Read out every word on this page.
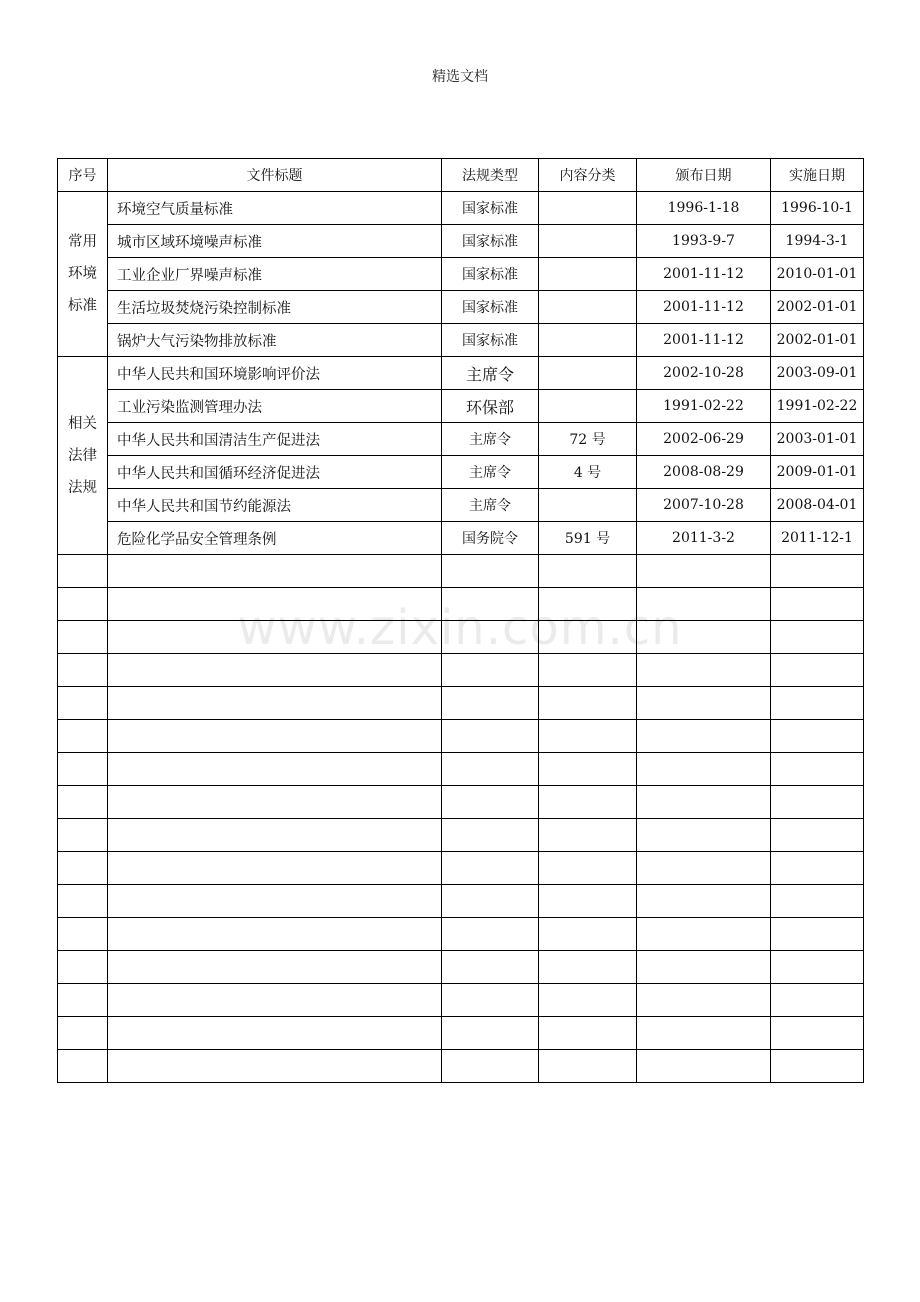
精选文档
序号	文件标题	法规类型	内容分类	颁布日期	实施日期

常用
环境
标准	环境空气质量标准	国家标准		1996-1-18	1996-10-1
	城市区域环境噪声标准	国家标准		1993-9-7	1994-3-1
	工业企业厂界噪声标准	国家标准		2001-11-12	2010-01-01
	生活垃圾焚烧污染控制标准	国家标准		2001-11-12	2002-01-01
	锅炉大气污染物排放标准	国家标准		2001-11-12	2002-01-01

相关
法律
法规	中华人民共和国环境影响评价法	主席令		2002-10-28	2003-09-01
	工业污染监测管理办法	环保部		1991-02-22	1991-02-22
	中华人民共和国清洁生产促进法	主席令	72 号	2002-06-29	2003-01-01
	中华人民共和国循环经济促进法	主席令	4 号	2008-08-29	2009-01-01
	中华人民共和国节约能源法	主席令		2007-10-28	2008-04-01
	危险化学品安全管理条例	国务院令	591 号	2011-3-2	2011-12-1

www.zixin.com.cn
